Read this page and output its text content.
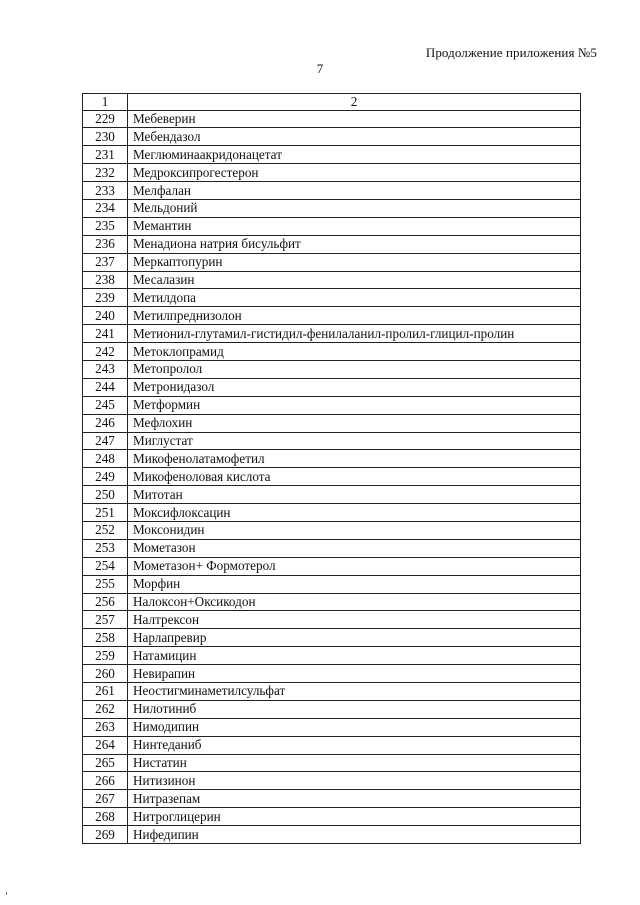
Продолжение приложения №5
7
1	2
229	Мебеверин
230	Мебендазол
231	Меглюминаакридонацетат
232	Медроксипрогестерон
233	Мелфалан
234	Мельдоний
235	Мемантин
236	Менадиона натрия бисульфит
237	Меркаптопурин
238	Месалазин
239	Метилдопа
240	Метилпреднизолон
241	Метионил-глутамил-гистидил-фенилаланил-пролил-глицил-пролин
242	Метоклопрамид
243	Метопролол
244	Метронидазол
245	Метформин
246	Мефлохин
247	Миглустат
248	Микофенолатамофетил
249	Микофеноловая кислота
250	Митотан
251	Моксифлоксацин
252	Моксонидин
253	Мометазон
254	Мометазон+ Формотерол
255	Морфин
256	Налоксон+Оксикодон
257	Налтрексон
258	Нарлапревир
259	Натамицин
260	Невирапин
261	Неостигминаметилсульфат
262	Нилотиниб
263	Нимодипин
264	Нинтеданиб
265	Нистатин
266	Нитизинон
267	Нитразепам
268	Нитроглицерин
269	Нифедипин
